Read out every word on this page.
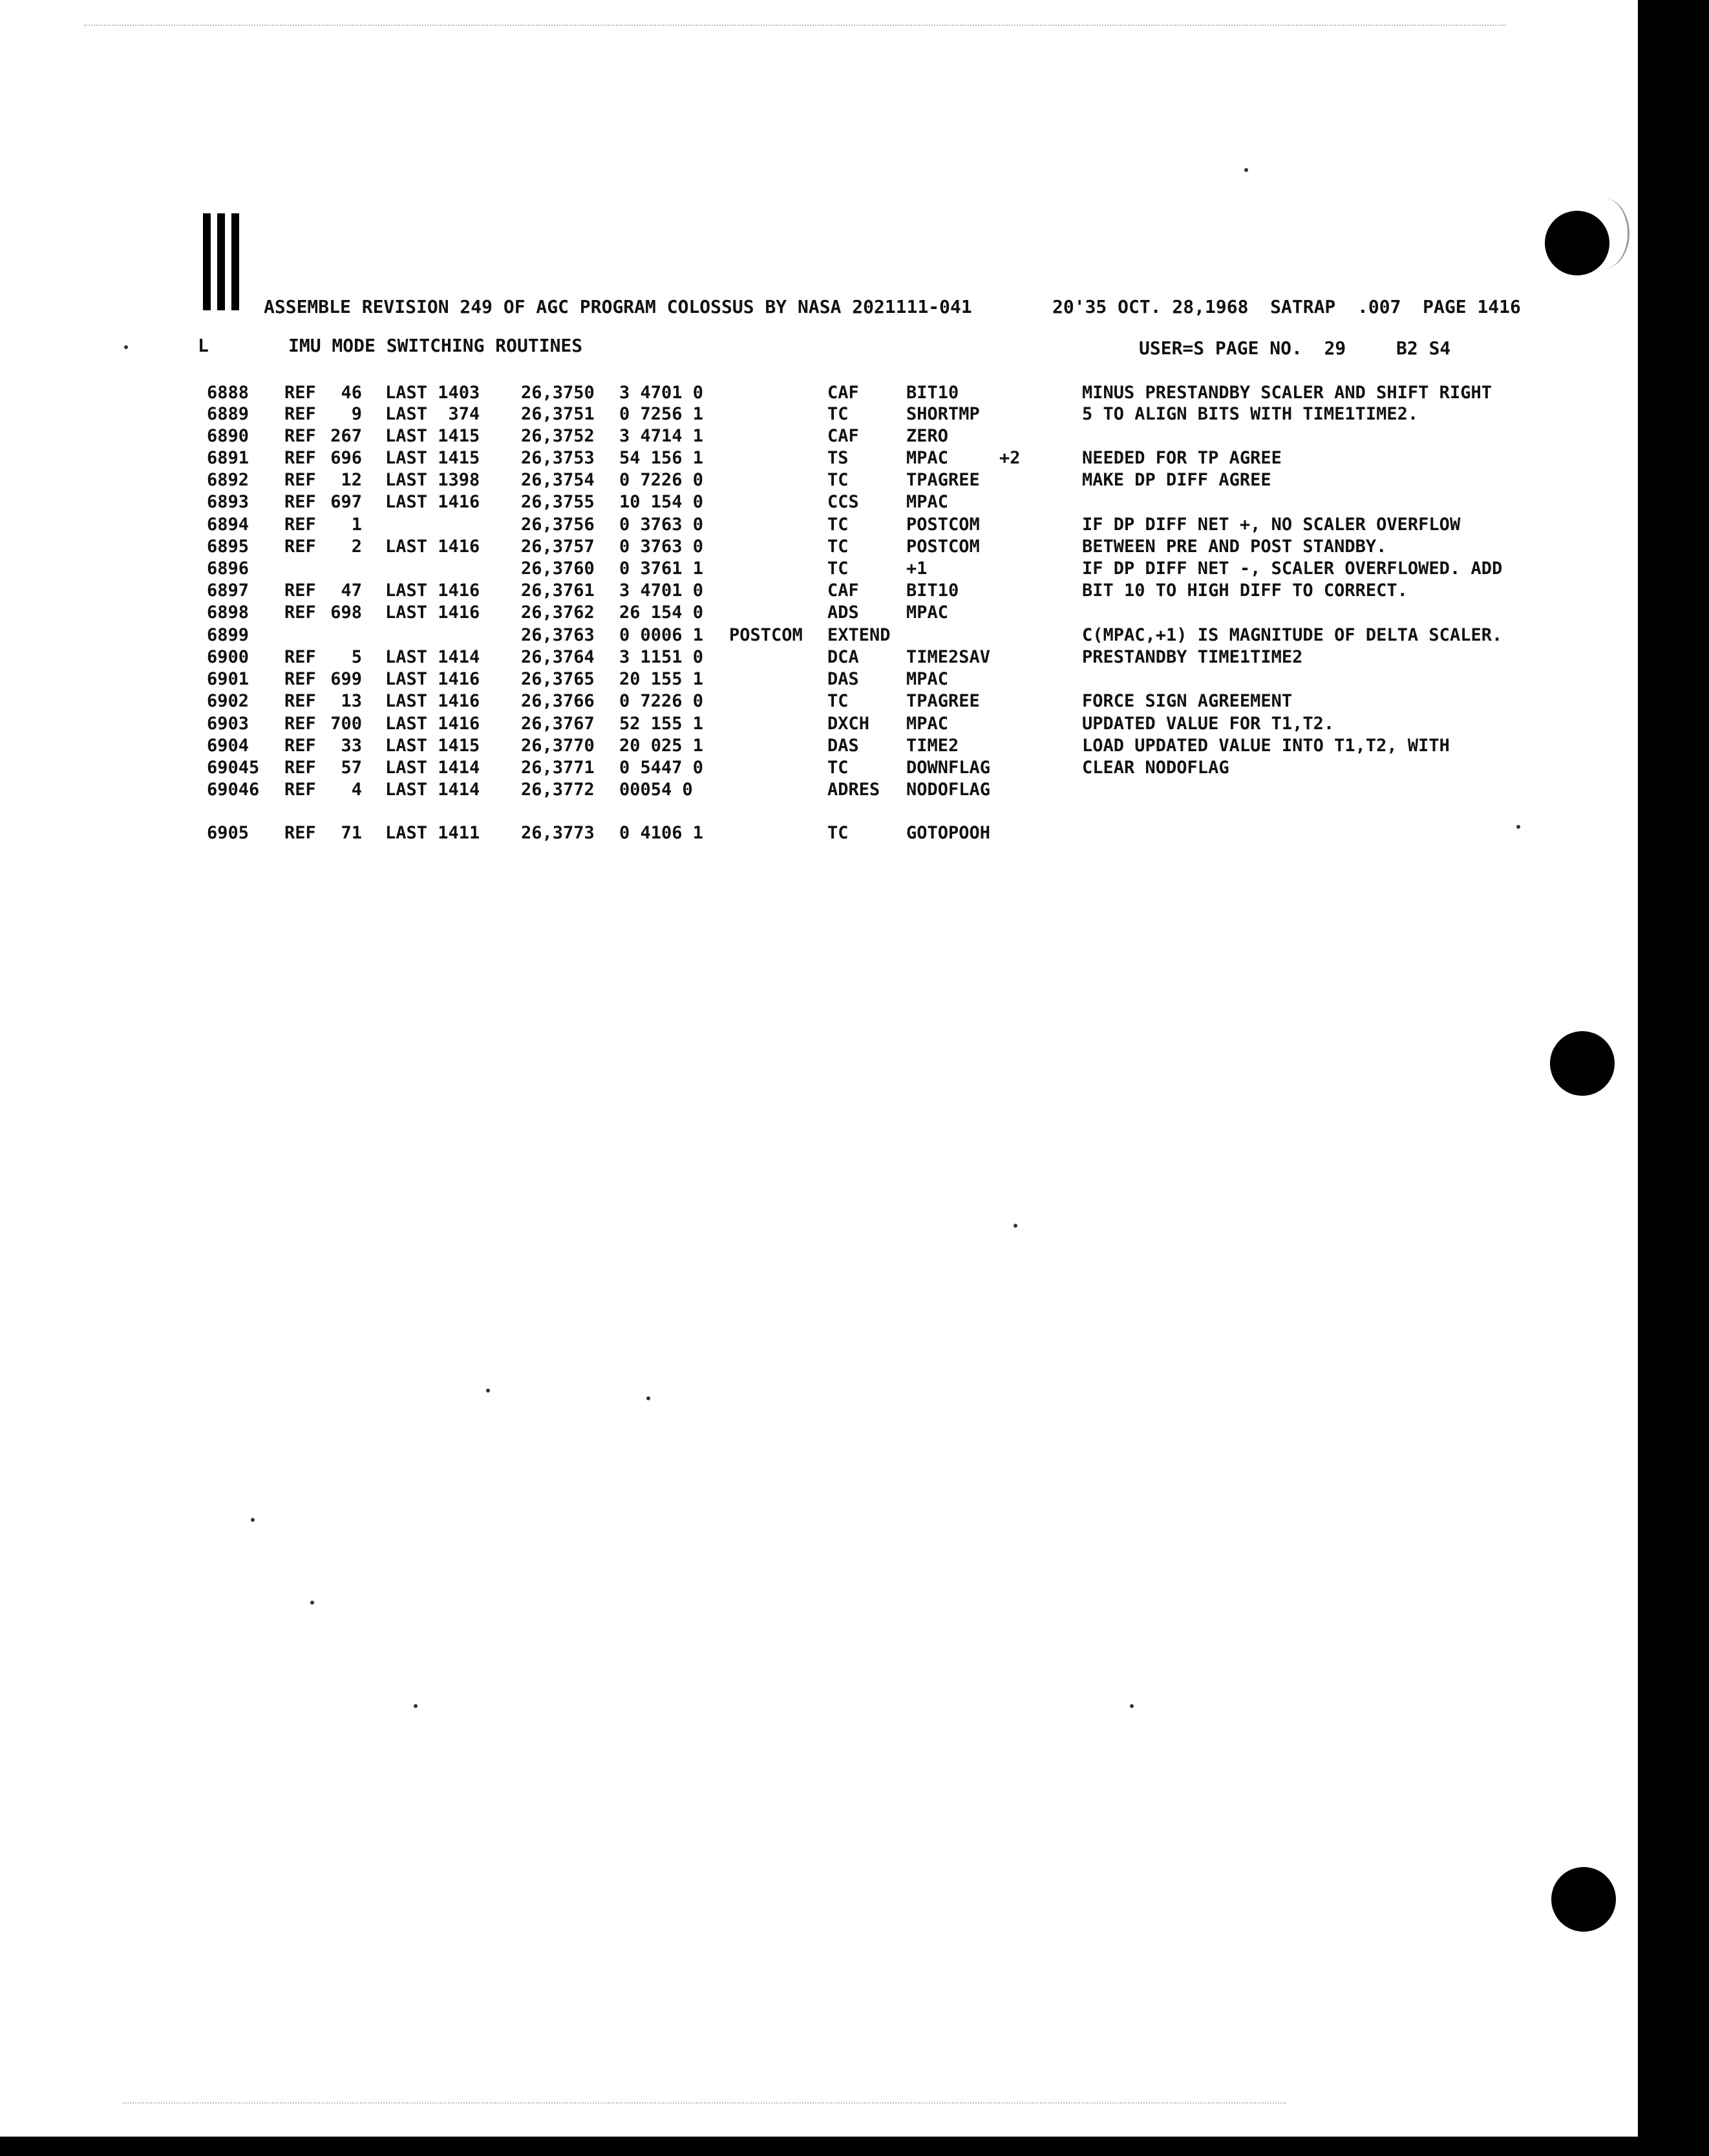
ASSEMBLE REVISION 249 OF AGC PROGRAM COLOSSUS BY NASA 2021111-041	20'35 OCT. 28,1968  SATRAP  .007  PAGE 1416
L	IMU MODE SWITCHING ROUTINES	USER=S PAGE NO.  29	B2 S4
6888 REF	46 LAST 1403 26,3750 3 4701 0	CAF	BIT10	MINUS PRESTANDBY SCALER AND SHIFT RIGHT
6889 REF	9 LAST  374 26,3751 0 7256 1	TC	SHORTMP	5 TO ALIGN BITS WITH TIME1TIME2.
6890 REF 267 LAST 1415 26,3752 3 4714 1	CAF	ZERO
6891 REF 696 LAST 1415 26,3753 54 156 1	TS	MPAC	+2	NEEDED FOR TP AGREE
6892 REF	12 LAST 1398 26,3754 0 7226 0	TC	TPAGREE	MAKE DP DIFF AGREE
6893 REF 697 LAST 1416 26,3755 10 154 0	CCS	MPAC
6894 REF	1	26,3756 0 3763 0	TC	POSTCOM	IF DP DIFF NET +, NO SCALER OVERFLOW
6895 REF	2 LAST 1416 26,3757 0 3763 0	TC	POSTCOM	BETWEEN PRE AND POST STANDBY.
6896	26,3760 0 3761 1	TC	+1	IF DP DIFF NET -, SCALER OVERFLOWED. ADD
6897 REF	47 LAST 1416 26,3761 3 4701 0	CAF	BIT10	BIT 10 TO HIGH DIFF TO CORRECT.
6898 REF 698 LAST 1416 26,3762 26 154 0	ADS	MPAC
6899	26,3763 0 0006 1 POSTCOM EXTEND	C(MPAC,+1) IS MAGNITUDE OF DELTA SCALER.
6900 REF	5 LAST 1414 26,3764 3 1151 0	DCA	TIME2SAV	PRESTANDBY TIME1TIME2
6901 REF 699 LAST 1416 26,3765 20 155 1	DAS	MPAC
6902 REF	13 LAST 1416 26,3766 0 7226 0	TC	TPAGREE	FORCE SIGN AGREEMENT
6903 REF 700 LAST 1416 26,3767 52 155 1	DXCH MPAC	UPDATED VALUE FOR T1,T2.
6904 REF	33 LAST 1415 26,3770 20 025 1	DAS	TIME2	LOAD UPDATED VALUE INTO T1,T2, WITH
69045 REF	57 LAST 1414 26,3771 0 5447 0	TC	DOWNFLAG	CLEAR NODOFLAG
69046 REF	4 LAST 1414 26,3772 00054 0	ADRES NODOFLAG
6905 REF	71 LAST 1411 26,3773 0 4106 1	TC	GOTOPOOH
